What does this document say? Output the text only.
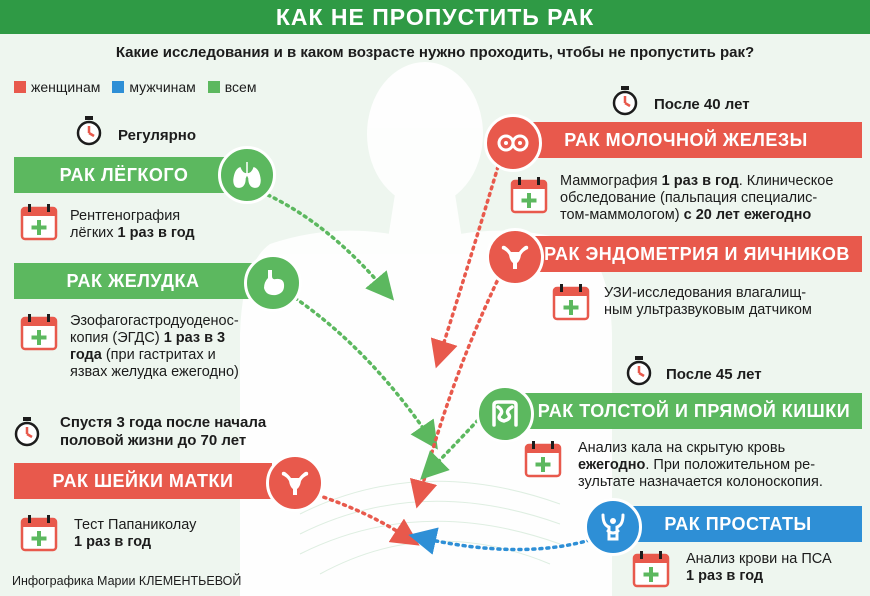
КАК НЕ ПРОПУСТИТЬ РАК
Какие исследования и в каком возрасте нужно проходить, чтобы не пропустить рак?
женщинам мужчинам всем
Регулярно
РАК ЛЁГКОГО
Рентгенография
лёгких 1 раз в год
РАК ЖЕЛУДКА
Эзофагогастродуоденос-
копия (ЭГДС) 1 раз в 3
года (при гастритах и
язвах желудка ежегодно)
Спустя 3 года после начала
половой жизни до 70 лет
РАК ШЕЙКИ МАТКИ
Тест Папаниколау
1 раз в год
После 40 лет
РАК МОЛОЧНОЙ ЖЕЛЕЗЫ
Маммография 1 раз в год. Клиническое
обследование (пальпация специалис-
том-маммологом) с 20 лет ежегодно
РАК ЭНДОМЕТРИЯ И ЯИЧНИКОВ
УЗИ-исследования влагалищ-
ным ультразвуковым датчиком
После 45 лет
РАК ТОЛСТОЙ И ПРЯМОЙ КИШКИ
Анализ кала на скрытую кровь
ежегодно. При положительном ре-
зультате назначается колоноскопия.
РАК ПРОСТАТЫ
Анализ крови на ПСА
1 раз в год
Инфографика Марии КЛЕМЕНТЬЕВОЙ
